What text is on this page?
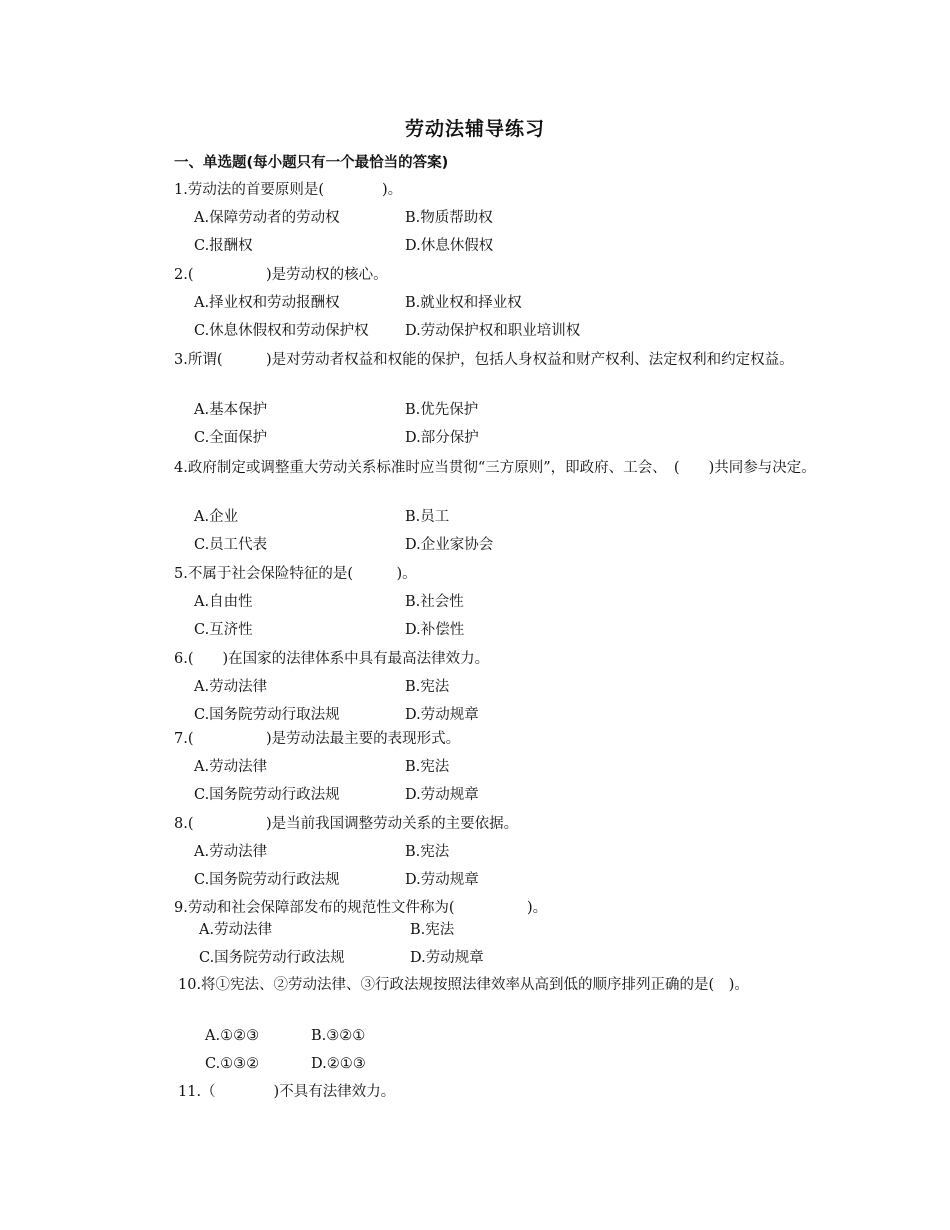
劳动法辅导练习
一、单选题(每小题只有一个最恰当的答案)
1.劳动法的首要原则是(　　　　)。
A.保障劳动者的劳动权	B.物质帮助权
C.报酬权	D.休息休假权
2.(　　　　　)是劳动权的核心。
A.择业权和劳动报酬权	B.就业权和择业权
C.休息休假权和劳动保护权	D.劳动保护权和职业培训权
3.所谓(　　　)是对劳动者权益和权能的保护，包括人身权益和财产权利、法定权利和约定权益。
A.基本保护	B.优先保护
C.全面保护	D.部分保护
4.政府制定或调整重大劳动关系标准时应当贯彻“三方原则”，即政府、工会、　(　　)共同参与决定。
A.企业	B.员工
C.员工代表	D.企业家协会
5.不属于社会保险特征的是(　　　)。
A.自由性	B.社会性
C.互济性	D.补偿性
6.(　　)在国家的法律体系中具有最高法律效力。
A.劳动法律	B.宪法
C.国务院劳动行取法规	D.劳动规章
7.(　　　　　)是劳动法最主要的表现形式。
A.劳动法律	B.宪法
C.国务院劳动行政法规	D.劳动规章
8.(　　　　　)是当前我国调整劳动关系的主要依据。
A.劳动法律	B.宪法
C.国务院劳动行政法规	D.劳动规章
9.劳动和社会保障部发布的规范性文件称为(　　　　　)。
A.劳动法律	B.宪法
C.国务院劳动行政法规	D.劳动规章
10.将①宪法、②劳动法律、③行政法规按照法律效率从高到低的顺序排列正确的是(　)。
A.①②③	B.③②①
C.①③②	D.②①③
11.（　　　　)不具有法律效力。
